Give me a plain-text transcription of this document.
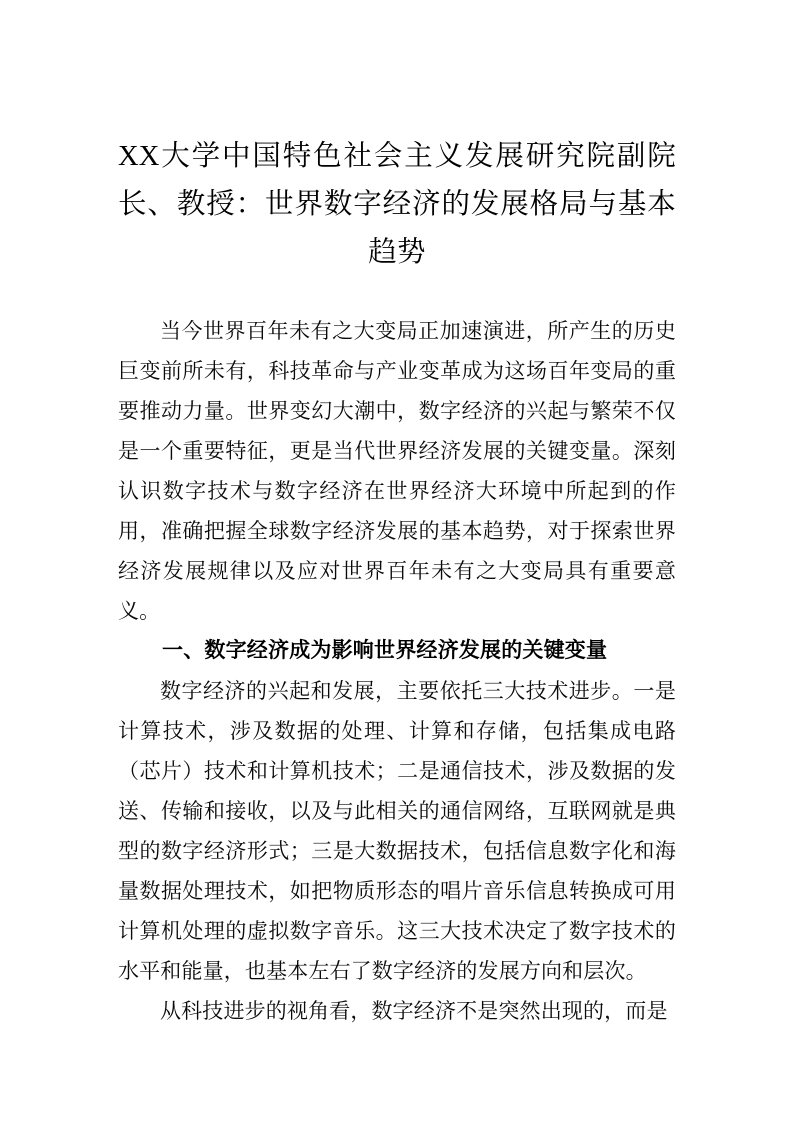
XX大学中国特色社会主义发展研究院副院长、教授：世界数字经济的发展格局与基本趋势

当今世界百年未有之大变局正加速演进，所产生的历史巨变前所未有，科技革命与产业变革成为这场百年变局的重要推动力量。世界变幻大潮中，数字经济的兴起与繁荣不仅是一个重要特征，更是当代世界经济发展的关键变量。深刻认识数字技术与数字经济在世界经济大环境中所起到的作用，准确把握全球数字经济发展的基本趋势，对于探索世界经济发展规律以及应对世界百年未有之大变局具有重要意义。

一、数字经济成为影响世界经济发展的关键变量

数字经济的兴起和发展，主要依托三大技术进步。一是计算技术，涉及数据的处理、计算和存储，包括集成电路（芯片）技术和计算机技术；二是通信技术，涉及数据的发送、传输和接收，以及与此相关的通信网络，互联网就是典型的数字经济形式；三是大数据技术，包括信息数字化和海量数据处理技术，如把物质形态的唱片音乐信息转换成可用计算机处理的虚拟数字音乐。这三大技术决定了数字技术的水平和能量，也基本左右了数字经济的发展方向和层次。

从科技进步的视角看，数字经济不是突然出现的，而是
